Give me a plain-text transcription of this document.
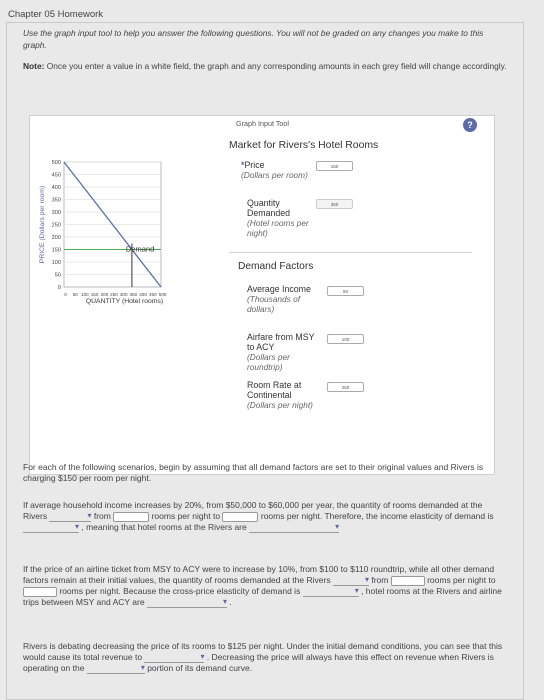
Chapter 05 Homework
Use the graph input tool to help you answer the following questions. You will not be graded on any changes you make to this graph.
Note: Once you enter a value in a white field, the graph and any corresponding amounts in each grey field will change accordingly.
Graph Input Tool	?
0
50
100
150
200
250
300
350
400
450
500
0 50 100 150 200 250 300 350 400 450 500
Demand
QUANTITY (Hotel rooms)
PRICE (Dollars per room)
Market for Rivers's Hotel Rooms
*Price
(Dollars per room)
150
Quantity Demanded
(Hotel rooms per night)
350
Demand Factors
Average Income
(Thousands of dollars)
50
Airfare from MSY to ACY
(Dollars per roundtrip)
100
Room Rate at Continental
(Dollars per night)
250
For each of the following scenarios, begin by assuming that all demand factors are set to their original values and Rivers is charging $150 per room per night.
If average household income increases by 20%, from $50,000 to $60,000 per year, the quantity of rooms demanded at the Rivers ▾	from	rooms per night to	rooms per night. Therefore, the income elasticity of demand is ▾ , meaning that hotel rooms at the Rivers are ▾
If the price of an airline ticket from MSY to ACY were to increase by 10%, from $100 to $110 roundtrip, while all other demand factors remain at their initial values, the quantity of rooms demanded at the Rivers ▾	from	rooms per night to  rooms per night. Because the cross-price elasticity of demand is ▾	, hotel rooms at the Rivers and airline trips between MSY and ACY are ▾	.
Rivers is debating decreasing the price of its rooms to $125 per night. Under the initial demand conditions, you can see that this would cause its total revenue to ▾	. Decreasing the price will always have this effect on revenue when Rivers is operating on the ▾	portion of its demand curve.
